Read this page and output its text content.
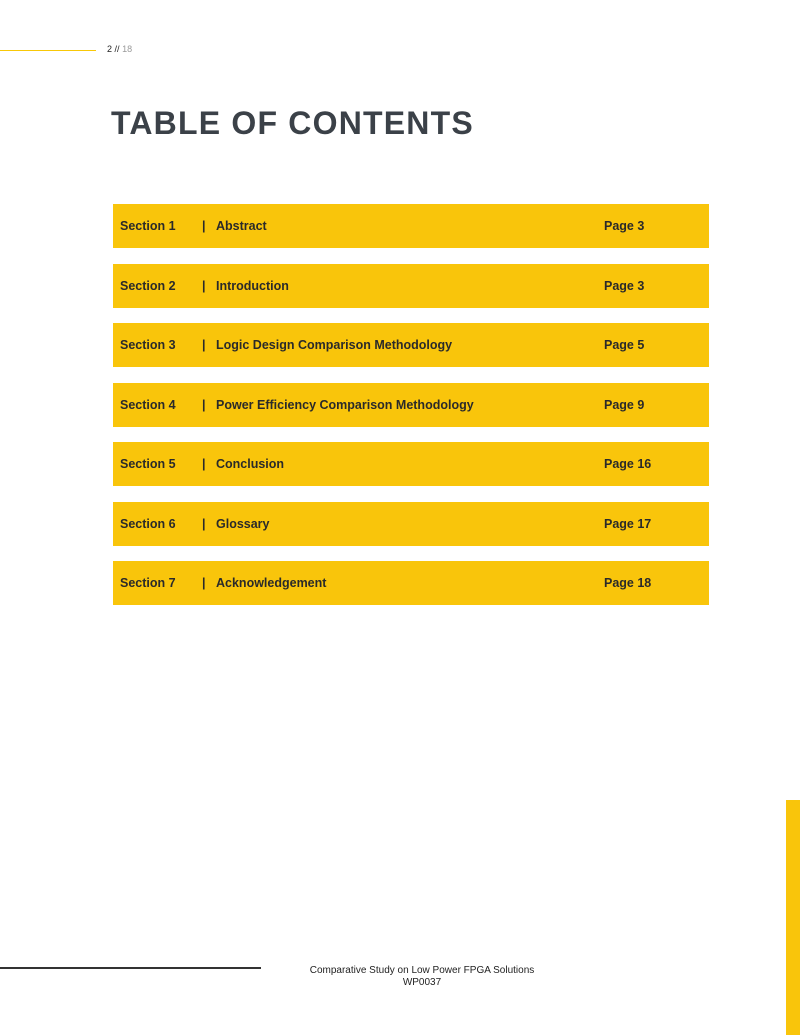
2 // 18
TABLE OF CONTENTS
Section 1 | Abstract	Page 3
Section 2 | Introduction	Page 3
Section 3 | Logic Design Comparison Methodology	Page 5
Section 4 | Power Efficiency Comparison Methodology	Page 9
Section 5 | Conclusion	Page 16
Section 6 | Glossary	Page 17
Section 7 | Acknowledgement	Page 18
Comparative Study on Low Power FPGA Solutions
WP0037
